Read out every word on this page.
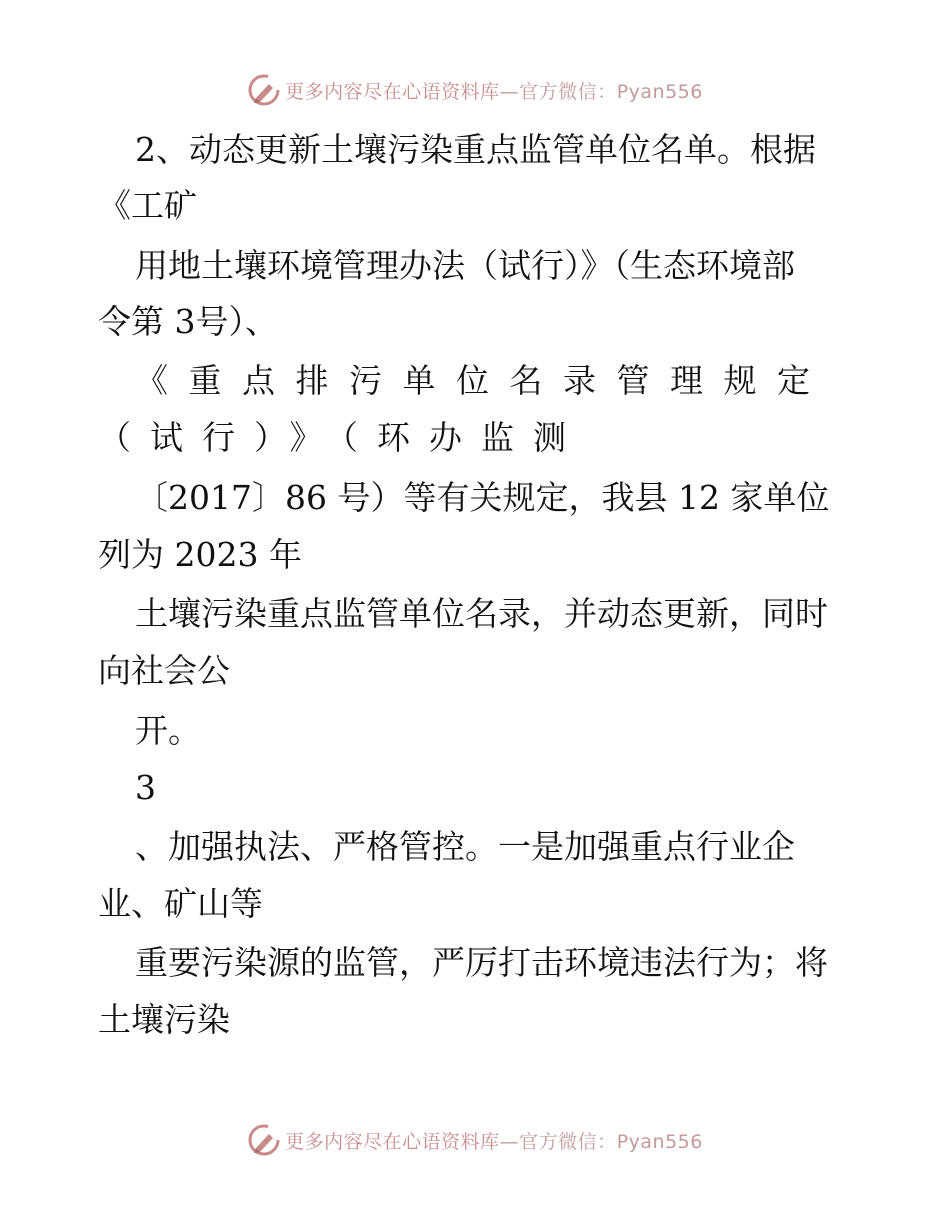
更多内容尽在心语资料库—官方微信：Pyan556

2、动态更新土壤污染重点监管单位名单。根据

《工矿

用地土壤环境管理办法（试行）》（生态环境部

令第 3号）、

《重点排污单位名录管理规定

（试行）》（环办监测

〔2017〕86 号）等有关规定，我县 12 家单位

列为 2023 年

土壤污染重点监管单位名录，并动态更新，同时

向社会公

开。

3

、加强执法、严格管控。一是加强重点行业企

业、矿山等

重要污染源的监管，严厉打击环境违法行为；将

土壤污染

更多内容尽在心语资料库—官方微信：Pyan556
